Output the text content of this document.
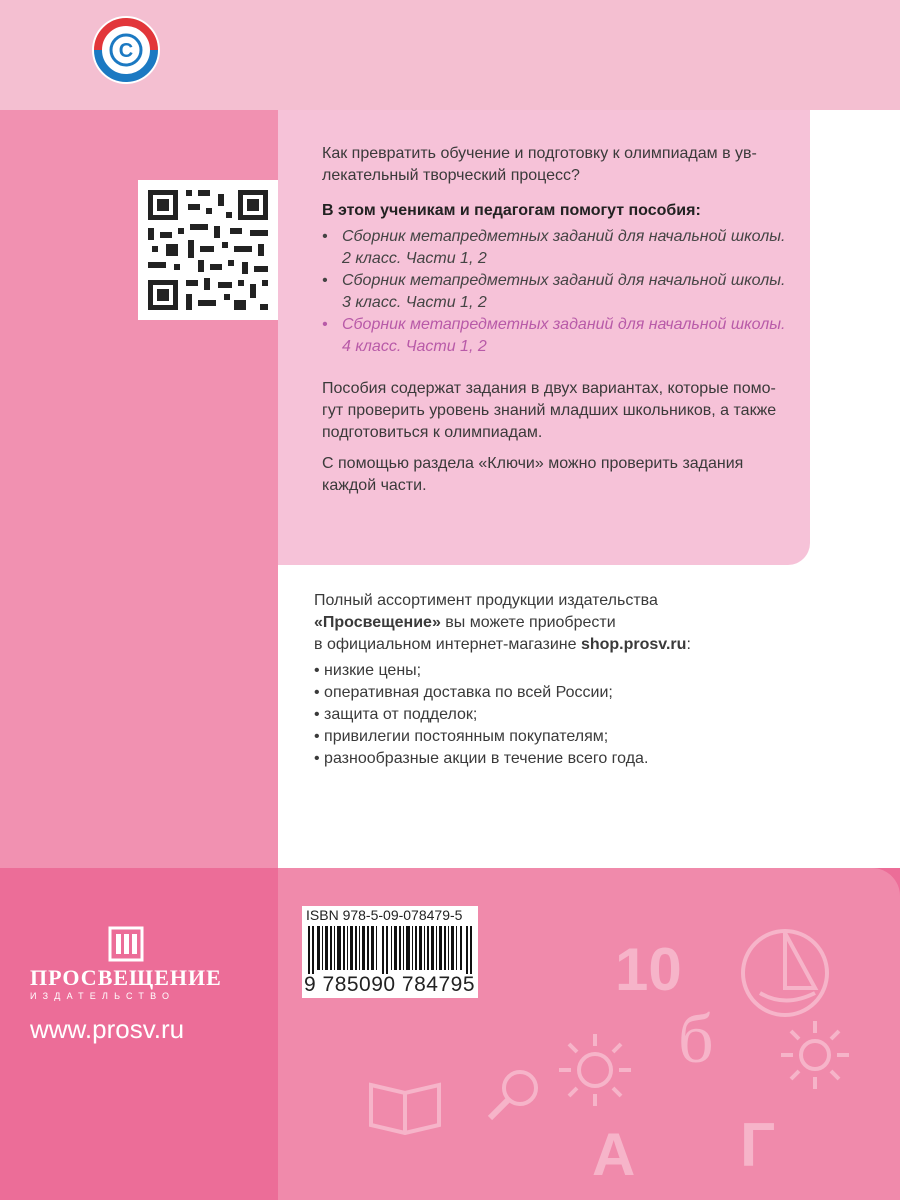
С
Как превратить обучение и подготовку к олимпиадам в ув-
лекательный творческий процесс?
В этом ученикам и педагогам помогут пособия:
• Сборник метапредметных заданий для начальной школы.
2 класс. Части 1, 2
• Сборник метапредметных заданий для начальной школы.
3 класс. Части 1, 2
• Сборник метапредметных заданий для начальной школы.
4 класс. Части 1, 2
Пособия содержат задания в двух вариантах, которые помо-
гут проверить уровень знаний младших школьников, а также
подготовиться к олимпиадам.
С помощью раздела «Ключи» можно проверить задания
каждой части.
Полный ассортимент продукции издательства
«Просвещение» вы можете приобрести
в официальном интернет-магазине shop.prosv.ru:
• низкие цены;
• оперативная доставка по всей России;
• защита от подделок;
• привилегии постоянным покупателям;
• разнообразные акции в течение всего года.
ISBN 978-5-09-078479-5
9 785090 784795
ПРОСВЕЩЕНИЕ
ИЗДАТЕЛЬСТВО
www.prosv.ru
10
б
А Г
